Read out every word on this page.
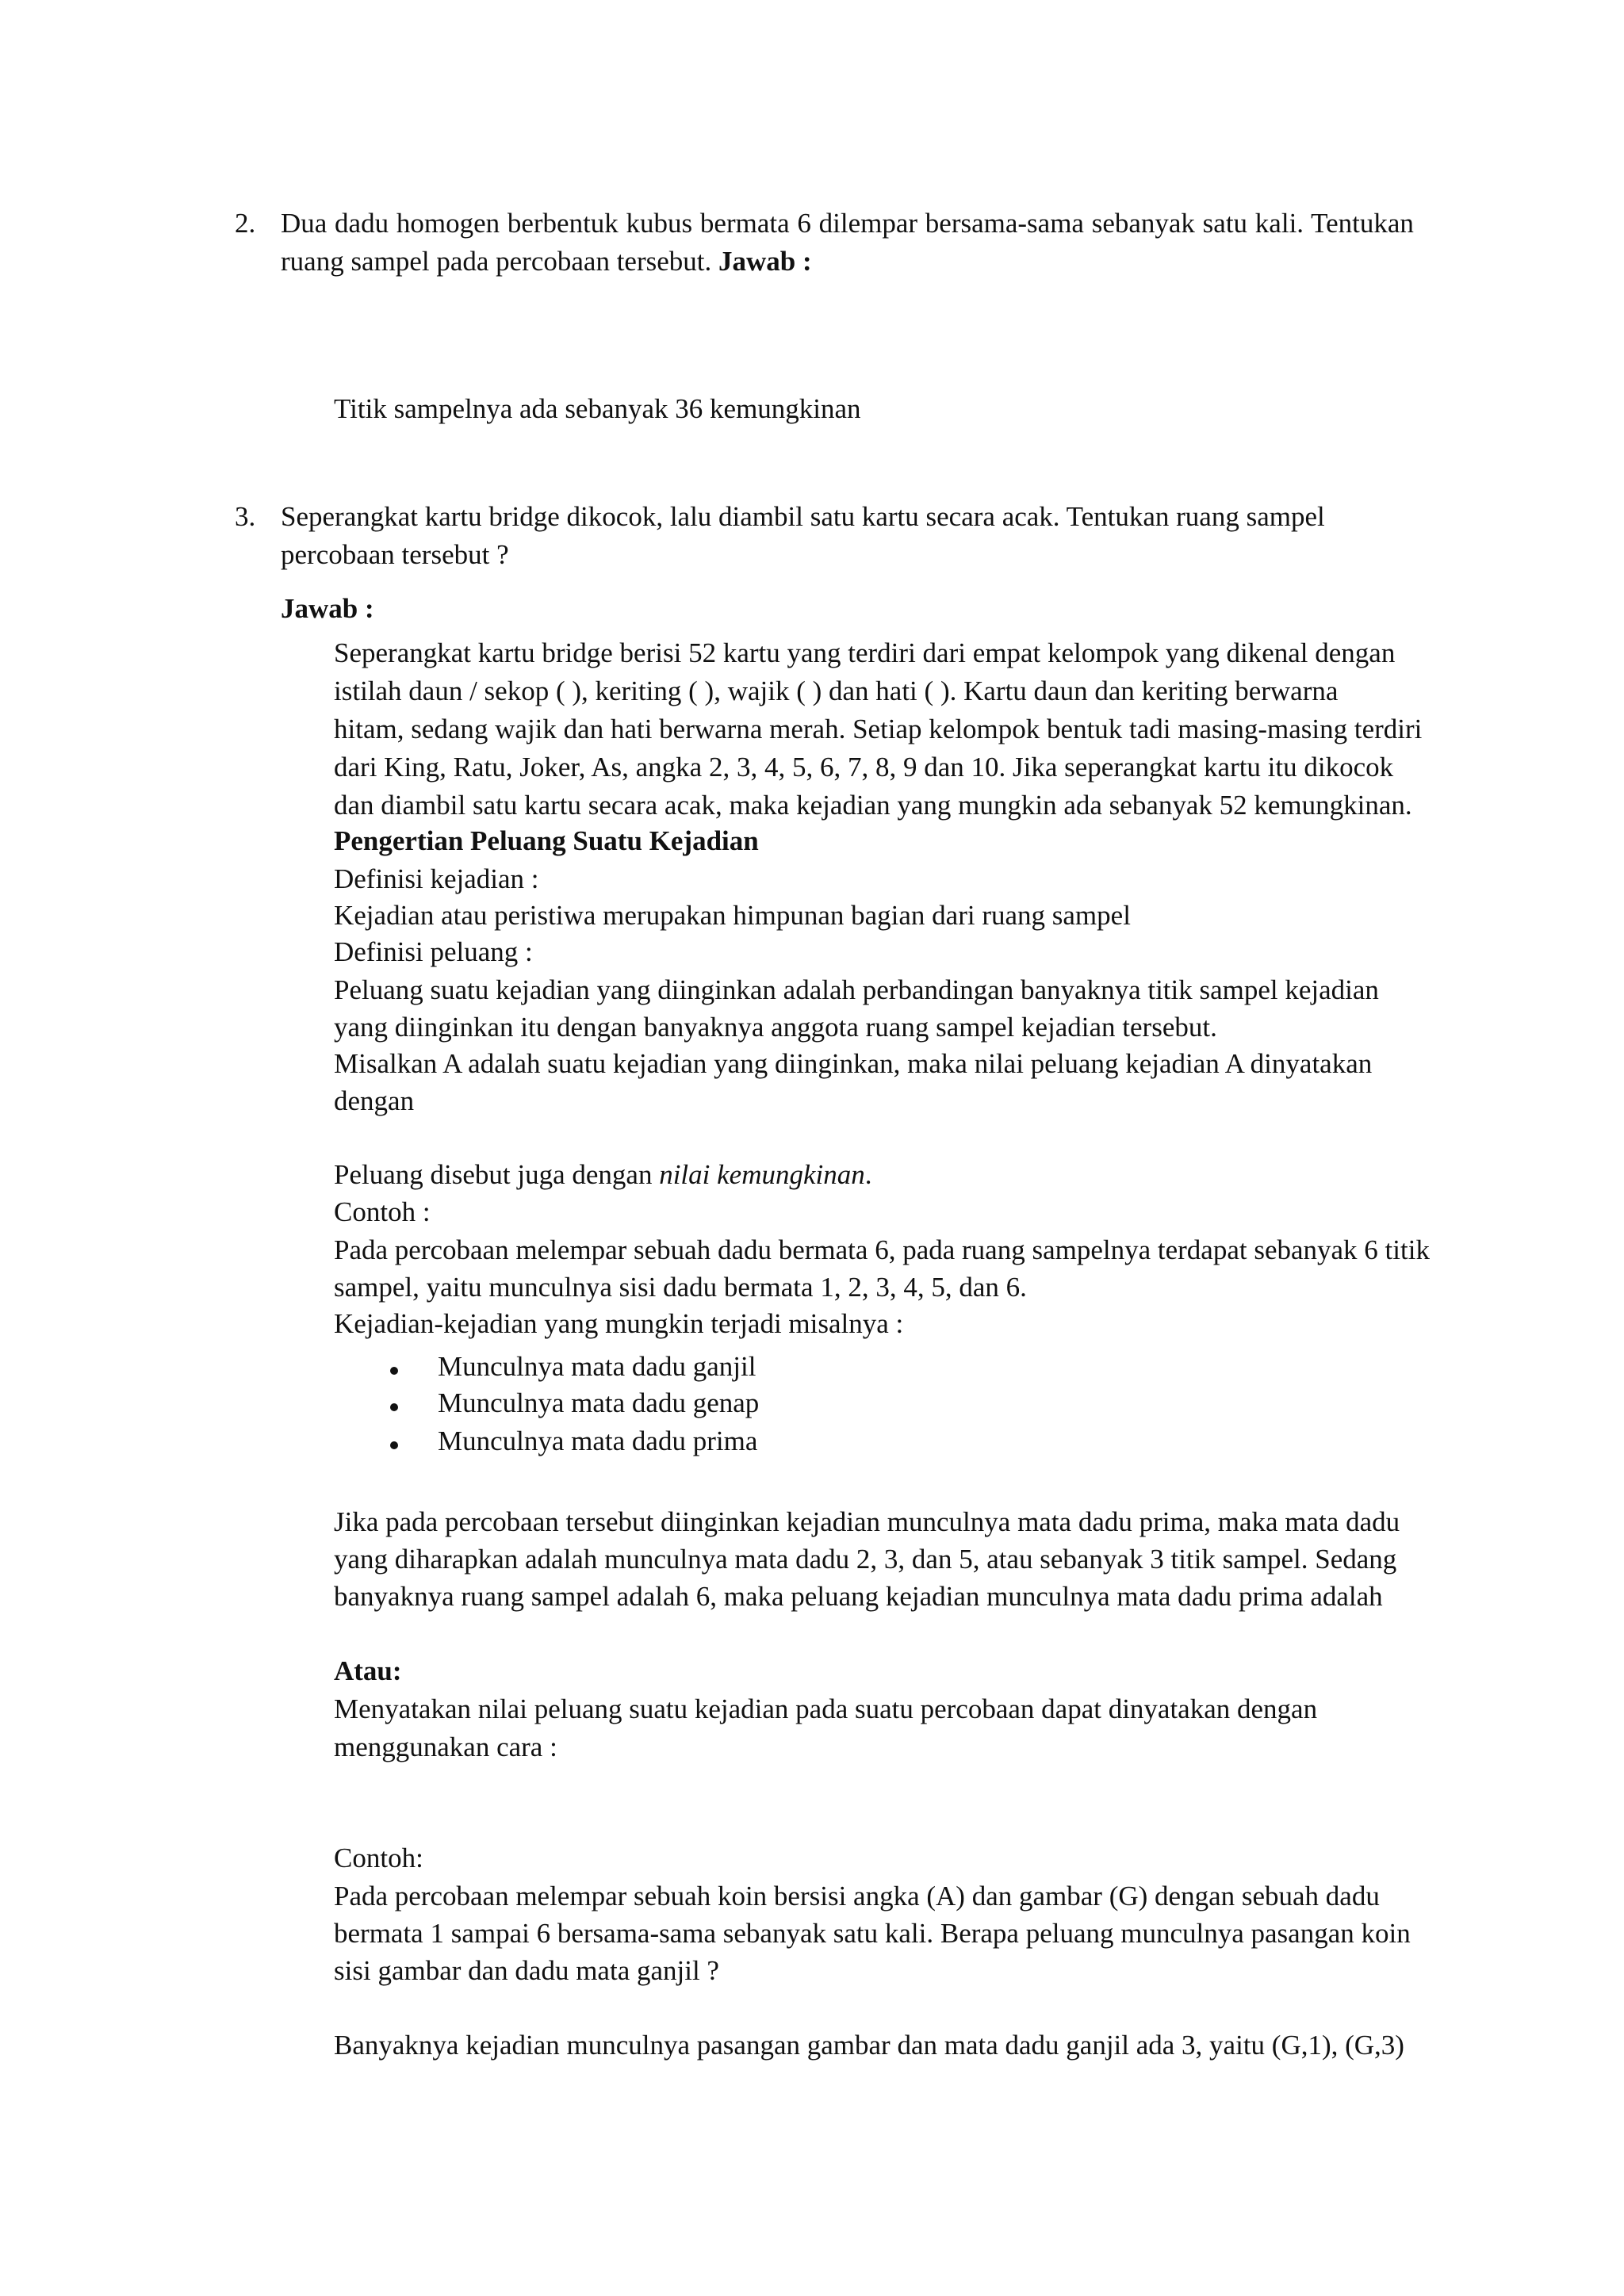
2. Dua dadu homogen berbentuk kubus bermata 6 dilempar bersama-sama sebanyak satu kali. Tentukan
ruang sampel pada percobaan tersebut. Jawab :
Titik sampelnya ada sebanyak 36 kemungkinan
3. Seperangkat kartu bridge dikocok, lalu diambil satu kartu secara acak. Tentukan ruang sampel
percobaan tersebut ?
Jawab :
Seperangkat kartu bridge berisi 52 kartu yang terdiri dari empat kelompok yang dikenal dengan
istilah daun / sekop ( ), keriting ( ), wajik ( ) dan hati ( ). Kartu daun dan keriting berwarna
hitam, sedang wajik dan hati berwarna merah. Setiap kelompok bentuk tadi masing-masing terdiri
dari King, Ratu, Joker, As, angka 2, 3, 4, 5, 6, 7, 8, 9 dan 10. Jika seperangkat kartu itu dikocok
dan diambil satu kartu secara acak, maka kejadian yang mungkin ada sebanyak 52 kemungkinan.
Pengertian Peluang Suatu Kejadian
Definisi kejadian :
Kejadian atau peristiwa merupakan himpunan bagian dari ruang sampel
Definisi peluang :
Peluang suatu kejadian yang diinginkan adalah perbandingan banyaknya titik sampel kejadian
yang diinginkan itu dengan banyaknya anggota ruang sampel kejadian tersebut.
Misalkan A adalah suatu kejadian yang diinginkan, maka nilai peluang kejadian A dinyatakan
dengan
Peluang disebut juga dengan nilai kemungkinan.
Contoh :
Pada percobaan melempar sebuah dadu bermata 6, pada ruang sampelnya terdapat sebanyak 6 titik
sampel, yaitu munculnya sisi dadu bermata 1, 2, 3, 4, 5, dan 6.
Kejadian-kejadian yang mungkin terjadi misalnya :
Munculnya mata dadu ganjil
Munculnya mata dadu genap
Munculnya mata dadu prima
Jika pada percobaan tersebut diinginkan kejadian munculnya mata dadu prima, maka mata dadu
yang diharapkan adalah munculnya mata dadu 2, 3, dan 5, atau sebanyak 3 titik sampel. Sedang
banyaknya ruang sampel adalah 6, maka peluang kejadian munculnya mata dadu prima adalah
Atau:
Menyatakan nilai peluang suatu kejadian pada suatu percobaan dapat dinyatakan dengan
menggunakan cara :
Contoh:
Pada percobaan melempar sebuah koin bersisi angka (A) dan gambar (G) dengan sebuah dadu
bermata 1 sampai 6 bersama-sama sebanyak satu kali. Berapa peluang munculnya pasangan koin
sisi gambar dan dadu mata ganjil ?
Banyaknya kejadian munculnya pasangan gambar dan mata dadu ganjil ada 3, yaitu (G,1), (G,3)
